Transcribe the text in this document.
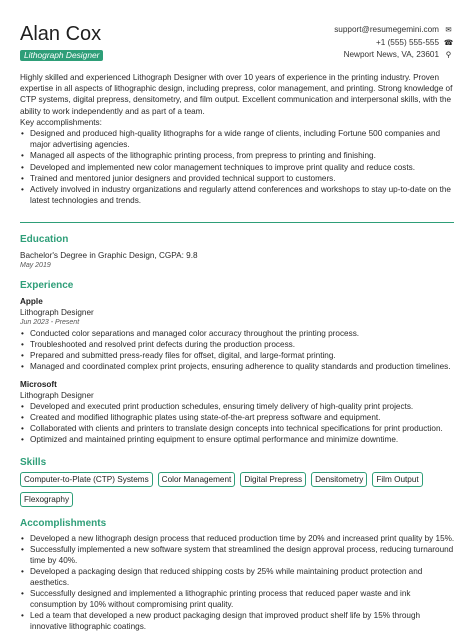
Alan Cox
Lithograph Designer
support@resumegemini.com ✉
+1 (555) 555-555 ☎
Newport News, VA, 23601 ⚲

Highly skilled and experienced Lithograph Designer with over 10 years of experience in the printing industry. Proven expertise in all aspects of lithographic design, including prepress, color management, and printing. Strong knowledge of CTP systems, digital prepress, densitometry, and film output. Excellent communication and interpersonal skills, with the ability to work independently and as part of a team.

Key accomplishments:

• Designed and produced high-quality lithographs for a wide range of clients, including Fortune 500 companies and major advertising agencies.
• Managed all aspects of the lithographic printing process, from prepress to printing and finishing.
• Developed and implemented new color management techniques to improve print quality and reduce costs.
• Trained and mentored junior designers and provided technical support to customers.
• Actively involved in industry organizations and regularly attend conferences and workshops to stay up-to-date on the latest technologies and trends.
Education
Bachelor's Degree in Graphic Design, CGPA: 9.8
May 2019
Experience
Apple
Lithograph Designer
Jun 2023 - Present
• Conducted color separations and managed color accuracy throughout the printing process.
• Troubleshooted and resolved print defects during the production process.
• Prepared and submitted press-ready files for offset, digital, and large-format printing.
• Managed and coordinated complex print projects, ensuring adherence to quality standards and production timelines.
Microsoft
Lithograph Designer
• Developed and executed print production schedules, ensuring timely delivery of high-quality print projects.
• Created and modified lithographic plates using state-of-the-art prepress software and equipment.
• Collaborated with clients and printers to translate design concepts into technical specifications for print production.
• Optimized and maintained printing equipment to ensure optimal performance and minimize downtime.
Skills
Computer-to-Plate (CTP) Systems	Color Management	Digital Prepress	Densitometry	Film Output
Flexography
Accomplishments
• Developed a new lithograph design process that reduced production time by 20% and increased print quality by 15%.
• Successfully implemented a new software system that streamlined the design approval process, reducing turnaround time by 40%.
• Developed a packaging design that reduced shipping costs by 25% while maintaining product protection and aesthetics.
• Successfully designed and implemented a lithographic printing process that reduced paper waste and ink consumption by 10% without compromising print quality.
• Led a team that developed a new product packaging design that improved product shelf life by 15% through innovative lithographic coatings.
